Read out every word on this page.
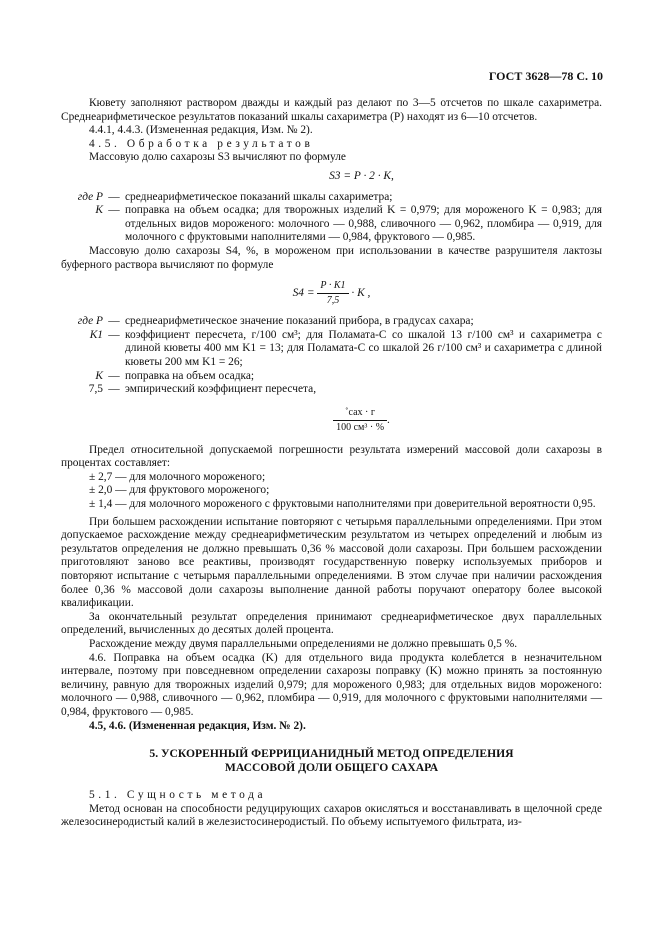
ГОСТ 3628—78 С. 10

Кювету заполняют раствором дважды и каждый раз делают по 3—5 отсчетов по шкале сахариметра. Среднеарифметическое результатов показаний шкалы сахариметра (P) находят из 6—10 отсчетов.

4.4.1, 4.4.3. (Измененная редакция, Изм. № 2).

4.5. Обработка результатов

Массовую долю сахарозы S3 вычисляют по формуле

S3 = P · 2 · K,
где P — среднеарифметическое показаний шкалы сахариметра;
K — поправка на объем осадка; для творожных изделий K = 0,979; для мороженого K = 0,983; для отдельных видов мороженого: молочного — 0,988, сливочного — 0,962, пломбира — 0,919, для молочного с фруктовыми наполнителями — 0,984, фруктового — 0,985.

Массовую долю сахарозы S4, %, в мороженом при использовании в качестве разрушителя лактозы буферного раствора вычисляют по формуле

$S4 = \frac{P \cdot K1}{7,5} \cdot K$ ,
где P — среднеарифметическое значение показаний прибора, в градусах сахара;
K1 — коэффициент пересчета, г/100 см³; для Поламата-С со шкалой 13 г/100 см³ и сахариметра с длиной кюветы 400 мм K1 = 13; для Поламата-С со шкалой 26 г/100 см³ и сахариметра с длиной кюветы 200 мм K1 = 26;
K — поправка на объем осадка;
7,5 — эмпирический коэффициент пересчета,
$\frac{\text{˚сах · г}}{\text{100 см³ · \%}}$ .

Предел относительной допускаемой погрешности результата измерений массовой доли сахарозы в процентах составляет:

± 2,7 — для молочного мороженого;

± 2,0 — для фруктового мороженого;

± 1,4 — для молочного мороженого с фруктовыми наполнителями при доверительной вероятности 0,95.

При большем расхождении испытание повторяют с четырьмя параллельными определениями. При этом допускаемое расхождение между среднеарифметическим результатом из четырех определений и любым из результатов определения не должно превышать 0,36 % массовой доли сахарозы. При большем расхождении приготовляют заново все реактивы, производят государственную поверку используемых приборов и повторяют испытание с четырьмя параллельными определениями. В этом случае при наличии расхождения более 0,36 % массовой доли сахарозы выполнение данной работы поручают оператору более высокой квалификации.

За окончательный результат определения принимают среднеарифметическое двух параллельных определений, вычисленных до десятых долей процента.

Расхождение между двумя параллельными определениями не должно превышать 0,5 %.

4.6. Поправка на объем осадка (K) для отдельного вида продукта колеблется в незначительном интервале, поэтому при повседневном определении сахарозы поправку (K) можно принять за постоянную величину, равную для творожных изделий 0,979; для мороженого 0,983; для отдельных видов мороженого: молочного — 0,988, сливочного — 0,962, пломбира — 0,919, для молочного с фруктовыми наполнителями — 0,984, фруктового — 0,985.

4.5, 4.6. (Измененная редакция, Изм. № 2).

5. УСКОРЕННЫЙ ФЕРРИЦИАНИДНЫЙ МЕТОД ОПРЕДЕЛЕНИЯ
МАССОВОЙ ДОЛИ ОБЩЕГО САХАРА

5.1. Сущность метода

Метод основан на способности редуцирующих сахаров окисляться и восстанавливать в щелочной среде железосинеродистый калий в железистосинеродистый. По объему испытуемого фильтрата, из-
